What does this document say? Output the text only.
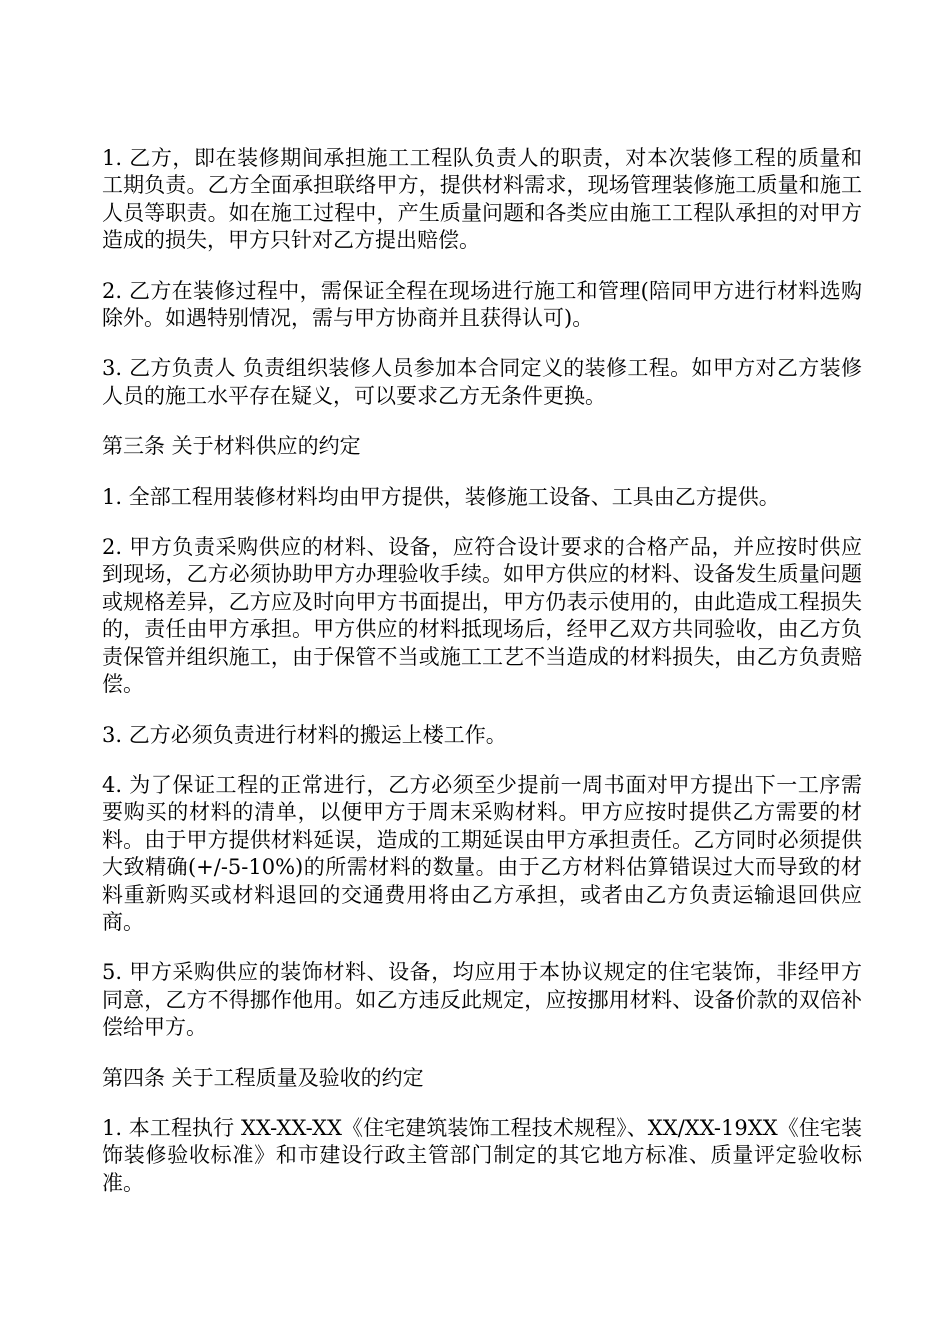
1. 乙方，即在装修期间承担施工工程队负责人的职责，对本次装修工程的质量和工期负责。乙方全面承担联络甲方，提供材料需求，现场管理装修施工质量和施工人员等职责。如在施工过程中，产生质量问题和各类应由施工工程队承担的对甲方造成的损失，甲方只针对乙方提出赔偿。

2. 乙方在装修过程中，需保证全程在现场进行施工和管理(陪同甲方进行材料选购除外。如遇特别情况，需与甲方协商并且获得认可)。

3. 乙方负责人 负责组织装修人员参加本合同定义的装修工程。如甲方对乙方装修人员的施工水平存在疑义，可以要求乙方无条件更换。

第三条 关于材料供应的约定

1. 全部工程用装修材料均由甲方提供，装修施工设备、工具由乙方提供。

2. 甲方负责采购供应的材料、设备，应符合设计要求的合格产品，并应按时供应到现场，乙方必须协助甲方办理验收手续。如甲方供应的材料、设备发生质量问题或规格差异，乙方应及时向甲方书面提出，甲方仍表示使用的，由此造成工程损失的，责任由甲方承担。甲方供应的材料抵现场后，经甲乙双方共同验收，由乙方负责保管并组织施工，由于保管不当或施工工艺不当造成的材料损失，由乙方负责赔偿。

3. 乙方必须负责进行材料的搬运上楼工作。

4. 为了保证工程的正常进行，乙方必须至少提前一周书面对甲方提出下一工序需要购买的材料的清单，以便甲方于周末采购材料。甲方应按时提供乙方需要的材料。由于甲方提供材料延误，造成的工期延误由甲方承担责任。乙方同时必须提供大致精确(+/-5-10%)的所需材料的数量。由于乙方材料估算错误过大而导致的材料重新购买或材料退回的交通费用将由乙方承担，或者由乙方负责运输退回供应商。

5. 甲方采购供应的装饰材料、设备，均应用于本协议规定的住宅装饰，非经甲方同意，乙方不得挪作他用。如乙方违反此规定，应按挪用材料、设备价款的双倍补偿给甲方。

第四条 关于工程质量及验收的约定

1. 本工程执行 XX-XX-XX《住宅建筑装饰工程技术规程》、XX/XX-19XX《住宅装饰装修验收标准》和市建设行政主管部门制定的其它地方标准、质量评定验收标准。
